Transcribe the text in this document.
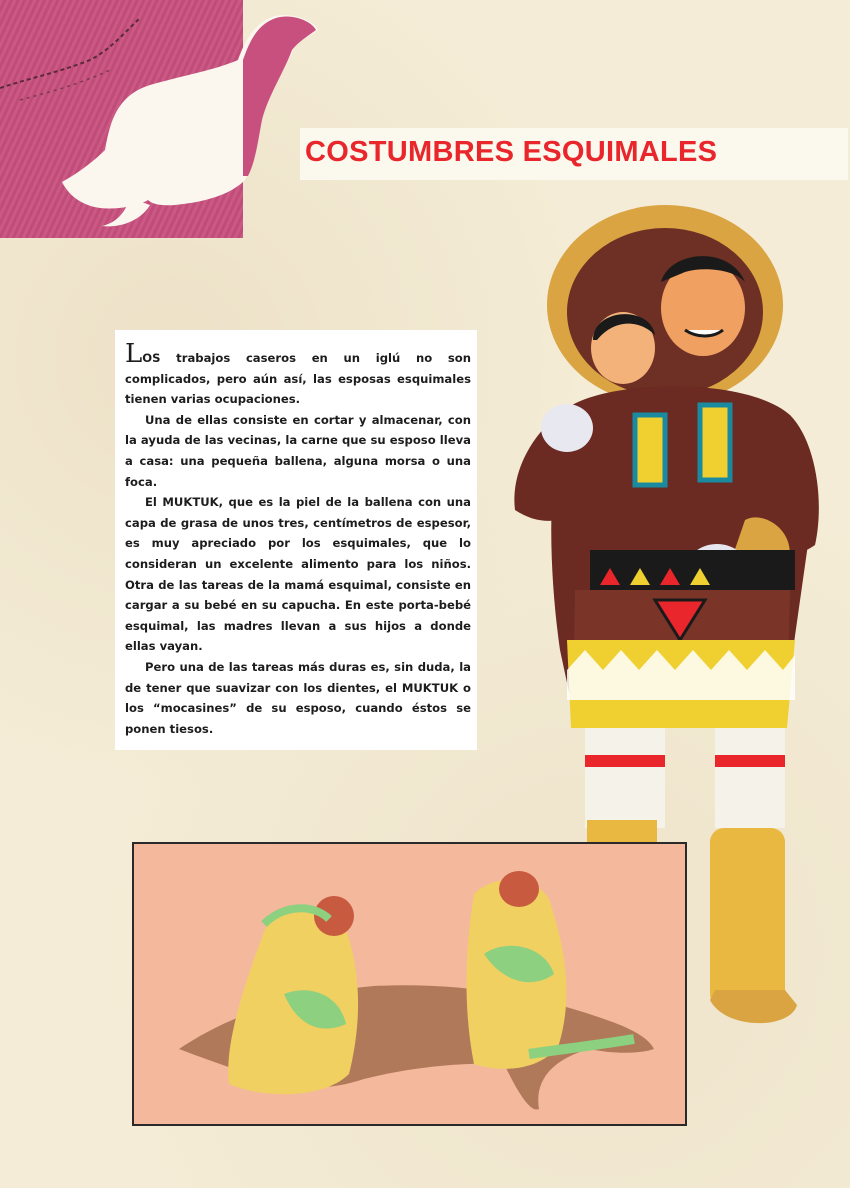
COSTUMBRES ESQUIMALES

LOS trabajos caseros en un iglú no son complicados, pero aún así, las esposas esquimales tienen varias ocupaciones.

Una de ellas consiste en cortar y almacenar, con la ayuda de las vecinas, la carne que su esposo lleva a casa: una pequeña ballena, alguna morsa o una foca.

El MUKTUK, que es la piel de la ballena con una capa de grasa de unos tres, centímetros de espesor, es muy apreciado por los esquimales, que lo consideran un excelente alimento para los niños. Otra de las tareas de la mamá esquimal, consiste en cargar a su bebé en su capucha. En este porta-bebé esquimal, las madres llevan a sus hijos a donde ellas vayan.

Pero una de las tareas más duras es, sin duda, la de tener que suavizar con los dientes, el MUKTUK o los “mocasines” de su esposo, cuando éstos se ponen tiesos.
